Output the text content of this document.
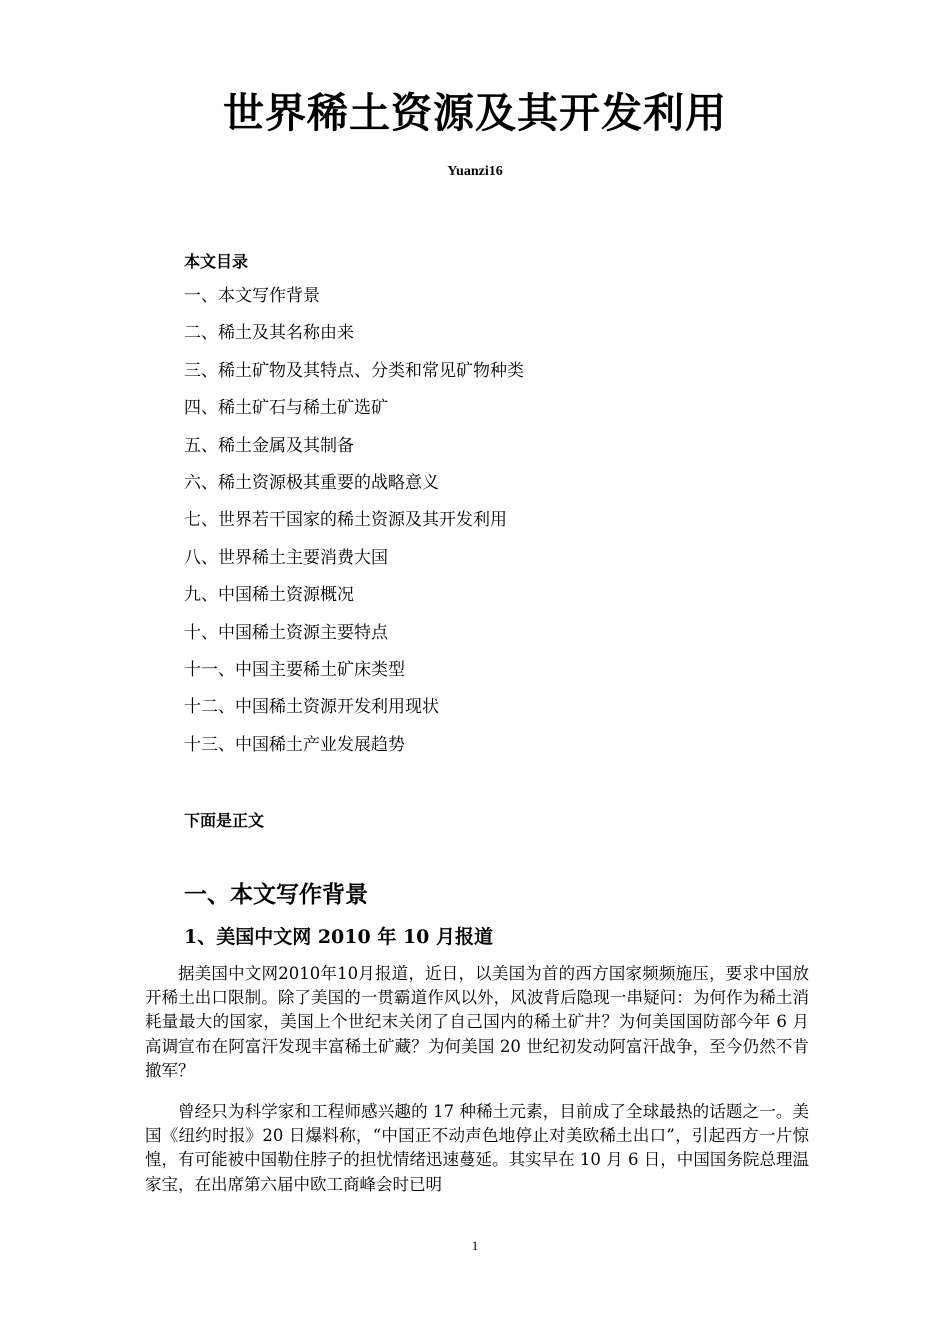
世界稀土资源及其开发利用
Yuanzi16
本文目录
一、本文写作背景
二、稀土及其名称由来
三、稀土矿物及其特点、分类和常见矿物种类
四、稀土矿石与稀土矿选矿
五、稀土金属及其制备
六、稀土资源极其重要的战略意义
七、世界若干国家的稀土资源及其开发利用
八、世界稀土主要消费大国
九、中国稀土资源概况
十、中国稀土资源主要特点
十一、中国主要稀土矿床类型
十二、中国稀土资源开发利用现状
十三、中国稀土产业发展趋势
下面是正文
一、本文写作背景
1、美国中文网 2010 年 10 月报道

据美国中文网2010年10月报道，近日，以美国为首的西方国家频频施压，要求中国放开稀土出口限制。除了美国的一贯霸道作风以外，风波背后隐现一串疑问：为何作为稀土消耗量最大的国家，美国上个世纪末关闭了自己国内的稀土矿井？为何美国国防部今年 6 月高调宣布在阿富汗发现丰富稀土矿藏？为何美国 20 世纪初发动阿富汗战争，至今仍然不肯撤军？

曾经只为科学家和工程师感兴趣的 17 种稀土元素，目前成了全球最热的话题之一。美国《纽约时报》20 日爆料称，“中国正不动声色地停止对美欧稀土出口”，引起西方一片惊惶，有可能被中国勒住脖子的担忧情绪迅速蔓延。其实早在 10 月 6 日，中国国务院总理温家宝，在出席第六届中欧工商峰会时已明

1
